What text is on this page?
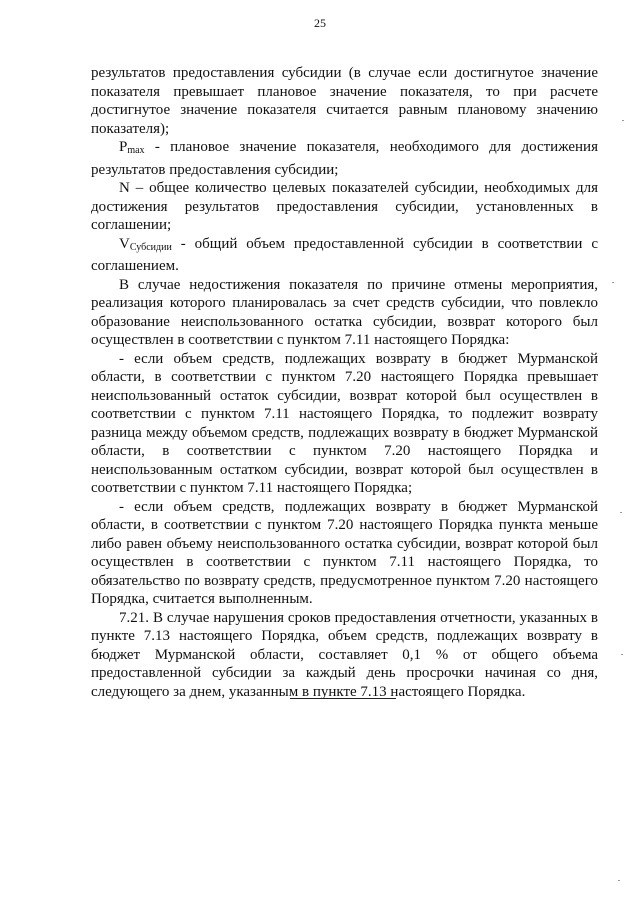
25

результатов предоставления субсидии (в случае если достигнутое значение показателя превышает плановое значение показателя, то при расчете достигнутое значение показателя считается равным плановому значению показателя);

$P_{max}$ - плановое значение показателя, необходимого для достижения результатов предоставления субсидии;

N – общее количество целевых показателей субсидии, необходимых для достижения результатов предоставления субсидии, установленных в соглашении;

$V_{Субсидии}$ - общий объем предоставленной субсидии в соответствии с соглашением.

В случае недостижения показателя по причине отмены мероприятия, реализация которого планировалась за счет средств субсидии, что повлекло образование неиспользованного остатка субсидии, возврат которого был осуществлен в соответствии с пунктом 7.11 настоящего Порядка:

- если объем средств, подлежащих возврату в бюджет Мурманской области, в соответствии с пунктом 7.20 настоящего Порядка превышает неиспользованный остаток субсидии, возврат которой был осуществлен в соответствии с пунктом 7.11 настоящего Порядка, то подлежит возврату разница между объемом средств, подлежащих возврату в бюджет Мурманской области, в соответствии с пунктом 7.20 настоящего Порядка и неиспользованным остатком субсидии, возврат которой был осуществлен в соответствии с пунктом 7.11 настоящего Порядка;

- если объем средств, подлежащих возврату в бюджет Мурманской области, в соответствии с пунктом 7.20 настоящего Порядка пункта меньше либо равен объему неиспользованного остатка субсидии, возврат которой был осуществлен в соответствии с пунктом 7.11 настоящего Порядка, то обязательство по возврату средств, предусмотренное пунктом 7.20 настоящего Порядка, считается выполненным.

7.21. В случае нарушения сроков предоставления отчетности, указанных в пункте 7.13 настоящего Порядка, объем средств, подлежащих возврату в бюджет Мурманской области, составляет 0,1 % от общего объема предоставленной субсидии за каждый день просрочки начиная со дня, следующего за днем, указанным в пункте 7.13 настоящего Порядка.
